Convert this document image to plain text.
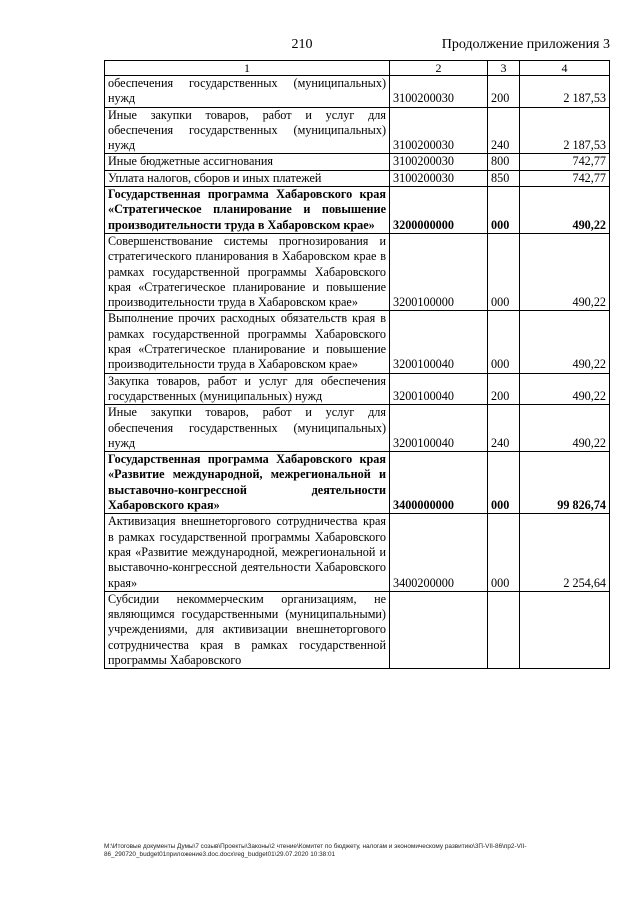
210	Продолжение приложения 3
1	2	3	4
обеспечения государственных (муниципальных) нужд	3100200030	200	2 187,53
Иные закупки товаров, работ и услуг для обеспечения государственных (муниципальных) нужд	3100200030	240	2 187,53
Иные бюджетные ассигнования	3100200030	800	742,77
Уплата налогов, сборов и иных платежей	3100200030	850	742,77
Государственная программа Хабаровского края «Стратегическое планирование и повышение производительности труда в Хабаровском крае»	3200000000	000	490,22
Совершенствование системы прогнозирования и стратегического планирования в Хабаровском крае в рамках государственной программы Хабаровского края «Стратегическое планирование и повышение производительности труда в Хабаровском крае»	3200100000	000	490,22
Выполнение прочих расходных обязательств края в рамках государственной программы Хабаровского края «Стратегическое планирование и повышение производительности труда в Хабаровском крае»	3200100040	000	490,22
Закупка товаров, работ и услуг для обеспечения государственных (муниципальных) нужд	3200100040	200	490,22
Иные закупки товаров, работ и услуг для обеспечения государственных (муниципальных) нужд	3200100040	240	490,22
Государственная программа Хабаровского края «Развитие международной, межрегиональной и выставочно-конгрессной деятельности Хабаровского края»	3400000000	000	99 826,74
Активизация внешнеторгового сотрудничества края в рамках государственной программы Хабаровского края «Развитие международной, межрегиональной и выставочно-конгрессной деятельности Хабаровского края»	3400200000	000	2 254,64
Субсидии некоммерческим организациям, не являющимся государственными (муниципальными) учреждениями, для активизации внешнеторгового сотрудничества края в рамках государственной программы Хабаровского			
М:\Итоговые документы Думы\7 созыв\Проекты\Законы\2 чтение\Комитет по бюджету, налогам и экономическому развитию\3П-VII-86\пр2-VII-86_290720_budget01приложение3.doc.docx\reg_budget01\29.07.2020 10:38:01
